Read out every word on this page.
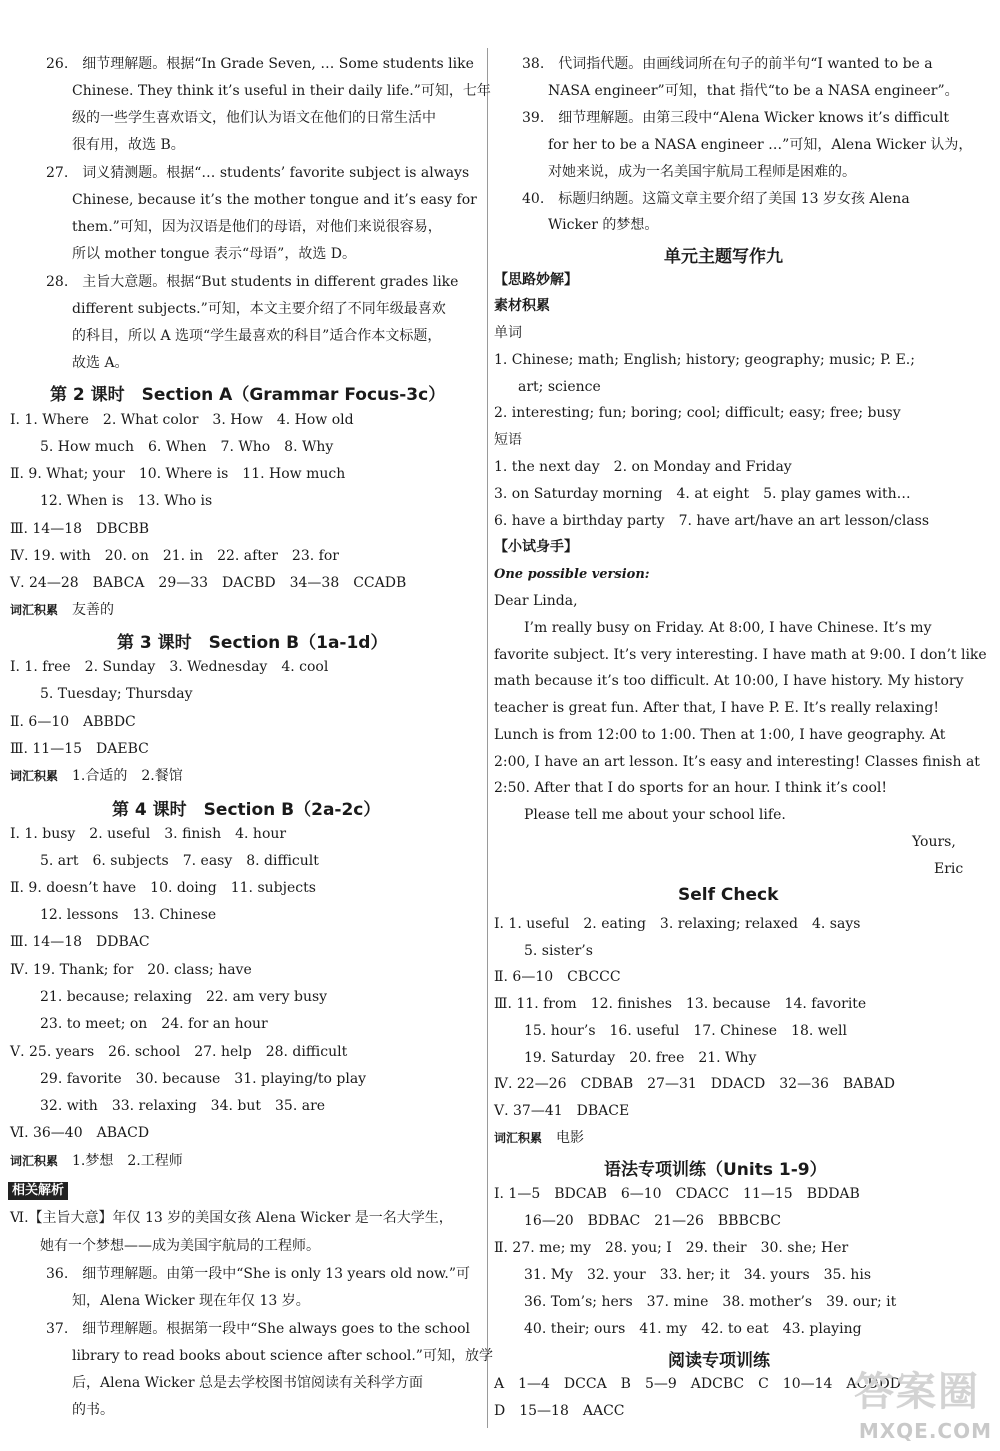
26.　细节理解题。根据“In Grade Seven, … Some students like
Chinese. They think it’s useful in their daily life.”可知，七年
级的一些学生喜欢语文，他们认为语文在他们的日常生活中
很有用，故选 B。
27.　词义猜测题。根据“… students’ favorite subject is always
Chinese, because it’s the mother tongue and it’s easy for
them.”可知，因为汉语是他们的母语，对他们来说很容易，
所以 mother tongue 表示“母语”，故选 D。
28.　主旨大意题。根据“But students in different grades like
different subjects.”可知，本文主要介绍了不同年级最喜欢
的科目，所以 A 选项“学生最喜欢的科目”适合作本文标题，
故选 A。
第 2 课时　Section A（Grammar Focus-3c）
Ⅰ. 1. Where　2. What color　3. How　4. How old
5. How much　6. When　7. Who　8. Why
Ⅱ. 9. What; your　10. Where is　11. How much
12. When is　13. Who is
Ⅲ. 14—18　DBCBB
Ⅳ. 19. with　20. on　21. in　22. after　23. for
Ⅴ. 24—28　BABCA　29—33　DACBD　34—38　CCADB
词汇积累　 友善的
第 3 课时　Section B（1a-1d）
Ⅰ. 1. free　2. Sunday　3. Wednesday　4. cool
5. Tuesday; Thursday
Ⅱ. 6—10　ABBDC
Ⅲ. 11—15　DAEBC
词汇积累　 1.合适的　2.餐馆
第 4 课时　Section B（2a-2c）
Ⅰ. 1. busy　2. useful　3. finish　4. hour
5. art　6. subjects　7. easy　8. difficult
Ⅱ. 9. doesn’t have　10. doing　11. subjects
12. lessons　13. Chinese
Ⅲ. 14—18　DDBAC
Ⅳ. 19. Thank; for　20. class; have
21. because; relaxing　22. am very busy
23. to meet; on　24. for an hour
Ⅴ. 25. years　26. school　27. help　28. difficult
29. favorite　30. because　31. playing/to play
32. with　33. relaxing　34. but　35. are
Ⅵ. 36—40　ABACD
词汇积累　 1.梦想　2.工程师
相关解析
Ⅵ.【主旨大意】年仅 13 岁的美国女孩 Alena Wicker 是一名大学生，
她有一个梦想——成为美国宇航局的工程师。
36.　细节理解题。由第一段中“She is only 13 years old now.”可
知，Alena Wicker 现在年仅 13 岁。
37.　细节理解题。根据第一段中“She always goes to the school
library to read books about science after school.”可知，放学
后，Alena Wicker 总是去学校图书馆阅读有关科学方面
的书。
38.　代词指代题。由画线词所在句子的前半句“I wanted to be a
NASA engineer”可知，that 指代“to be a NASA engineer”。
39.　细节理解题。由第三段中“Alena Wicker knows it’s difficult
for her to be a NASA engineer …”可知，Alena Wicker 认为，
对她来说，成为一名美国宇航局工程师是困难的。
40.　标题归纳题。这篇文章主要介绍了美国 13 岁女孩 Alena
Wicker 的梦想。
单元主题写作九
【思路妙解】
素材积累
单词
1. Chinese; math; English; history; geography; music; P. E.;
art; science
2. interesting; fun; boring; cool; difficult; easy; free; busy
短语
1. the next day　2. on Monday and Friday
3. on Saturday morning　4. at eight　5. play games with…
6. have a birthday party　7. have art/have an art lesson/class
【小试身手】
One possible version:
Dear Linda,
I’m really busy on Friday. At 8:00, I have Chinese. It’s my
favorite subject. It’s very interesting. I have math at 9:00. I don’t like
math because it’s too difficult. At 10:00, I have history. My history
teacher is great fun. After that, I have P. E. It’s really relaxing!
Lunch is from 12:00 to 1:00. Then at 1:00, I have geography. At
2:00, I have an art lesson. It’s easy and interesting! Classes finish at
2:50. After that I do sports for an hour. I think it’s cool!
Please tell me about your school life.
Yours,
Eric
Self Check
Ⅰ. 1. useful　2. eating　3. relaxing; relaxed　4. says
5. sister’s
Ⅱ. 6—10　CBCCC
Ⅲ. 11. from　12. finishes　13. because　14. favorite
15. hour’s　16. useful　17. Chinese　18. well
19. Saturday　20. free　21. Why
Ⅳ. 22—26　CDBAB　27—31　DDACD　32—36　BABAD
Ⅴ. 37—41　DBACE
词汇积累　 电影
语法专项训练（Units 1-9）
Ⅰ. 1—5　BDCAB　6—10　CDACC　11—15　BDDAB
16—20　BDBAC　21—26　BBBCBC
Ⅱ. 27. me; my　28. you; I　29. their　30. she; Her
31. My　32. your　33. her; it　34. yours　35. his
36. Tom’s; hers　37. mine　38. mother’s　39. our; it
40. their; ours　41. my　42. to eat　43. playing
阅读专项训练
A　1—4　DCCA　B　5—9　ADCBC　C　10—14　ACDDD
D　15—18　AACC	答案圈
MXQE.COM
